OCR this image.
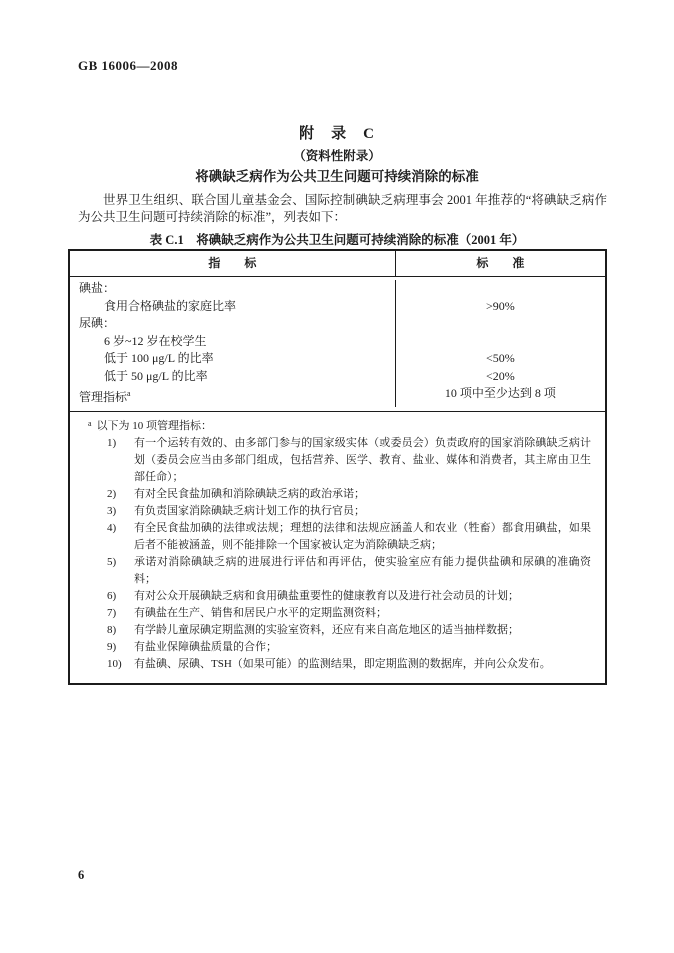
GB 16006—2008
附　录　C
（资料性附录）
将碘缺乏病作为公共卫生问题可持续消除的标准

世界卫生组织、联合国儿童基金会、国际控制碘缺乏病理事会 2001 年推荐的“将碘缺乏病作为公共卫生问题可持续消除的标准”，列表如下：

表 C.1　将碘缺乏病作为公共卫生问题可持续消除的标准（2001 年）
指　　标	标　　准
碘盐：
食用合格碘盐的家庭比率	>90%
尿碘：
6 岁~12 岁在校学生
低于 100 μg/L 的比率	<50%
低于 50 μg/L 的比率	<20%
管理指标$^a$	10 项中至少达到 8 项
a 以下为 10 项管理指标：
1)	有一个运转有效的、由多部门参与的国家级实体（或委员会）负责政府的国家消除碘缺乏病计划（委员会应当由多部门组成，包括营养、医学、教育、盐业、媒体和消费者，其主席由卫生部任命）；
2)	有对全民食盐加碘和消除碘缺乏病的政治承诺；
3)	有负责国家消除碘缺乏病计划工作的执行官员；
4)	有全民食盐加碘的法律或法规；理想的法律和法规应涵盖人和农业（牲畜）都食用碘盐，如果后者不能被涵盖，则不能排除一个国家被认定为消除碘缺乏病；
5)	承诺对消除碘缺乏病的进展进行评估和再评估，使实验室应有能力提供盐碘和尿碘的准确资料；
6)	有对公众开展碘缺乏病和食用碘盐重要性的健康教育以及进行社会动员的计划；
7)	有碘盐在生产、销售和居民户水平的定期监测资料；
8)	有学龄儿童尿碘定期监测的实验室资料，还应有来自高危地区的适当抽样数据；
9)	有盐业保障碘盐质量的合作；
10)	有盐碘、尿碘、TSH（如果可能）的监测结果，即定期监测的数据库，并向公众发布。
6
